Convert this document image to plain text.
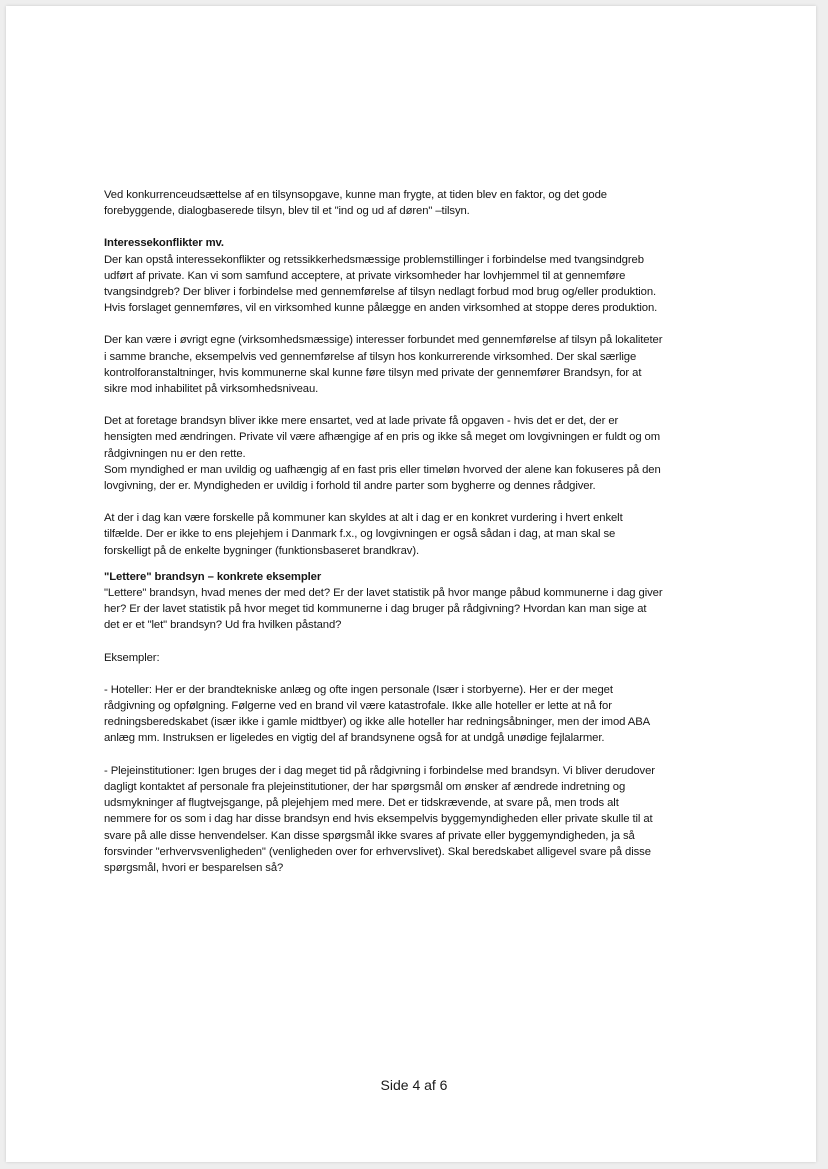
Ved konkurrenceudsættelse af en tilsynsopgave, kunne man frygte, at tiden blev en faktor, og det gode forebyggende, dialogbaserede tilsyn, blev til et "ind og ud af døren" –tilsyn.

Interessekonflikter mv.

Der kan opstå interessekonflikter og retssikkerhedsmæssige problemstillinger i forbindelse med tvangsindgreb udført af private. Kan vi som samfund acceptere, at private virksomheder har lovhjemmel til at gennemføre tvangsindgreb? Der bliver i forbindelse med gennemførelse af tilsyn nedlagt forbud mod brug og/eller produktion. Hvis forslaget gennemføres, vil en virksomhed kunne pålægge en anden virksomhed at stoppe deres produktion.

Der kan være i øvrigt egne (virksomhedsmæssige) interesser forbundet med gennemførelse af tilsyn på lokaliteter i samme branche, eksempelvis ved gennemførelse af tilsyn hos konkurrerende virksomhed. Der skal særlige kontrolforanstaltninger, hvis kommunerne skal kunne føre tilsyn med private der gennemfører Brandsyn, for at sikre mod inhabilitet på virksomhedsniveau.

Det at foretage brandsyn bliver ikke mere ensartet, ved at lade private få opgaven - hvis det er det, der er hensigten med ændringen. Private vil være afhængige af en pris og ikke så meget om lovgivningen er fuldt og om rådgivningen nu er den rette.

Som myndighed er man uvildig og uafhængig af en fast pris eller timeløn hvorved der alene kan fokuseres på den lovgivning, der er. Myndigheden er uvildig i forhold til andre parter som bygherre og dennes rådgiver.

At der i dag kan være forskelle på kommuner kan skyldes at alt i dag er en konkret vurdering i hvert enkelt tilfælde. Der er ikke to ens plejehjem i Danmark f.x., og lovgivningen er også sådan i dag, at man skal se forskelligt på de enkelte bygninger (funktionsbaseret brandkrav).

"Lettere" brandsyn – konkrete eksempler

"Lettere" brandsyn, hvad menes der med det? Er der lavet statistik på hvor mange påbud kommunerne i dag giver her? Er der lavet statistik på hvor meget tid kommunerne i dag bruger på rådgivning? Hvordan kan man sige at det er et "let" brandsyn? Ud fra hvilken påstand?

Eksempler:

- Hoteller: Her er der brandtekniske anlæg og ofte ingen personale (Især i storbyerne). Her er der meget rådgivning og opfølgning. Følgerne ved en brand vil være katastrofale. Ikke alle hoteller er lette at nå for redningsberedskabet (især ikke i gamle midtbyer) og ikke alle hoteller har redningsåbninger, men der imod ABA anlæg mm. Instruksen er ligeledes en vigtig del af brandsynene også for at undgå unødige fejlalarmer.

- Plejeinstitutioner: Igen bruges der i dag meget tid på rådgivning i forbindelse med brandsyn. Vi bliver derudover dagligt kontaktet af personale fra plejeinstitutioner, der har spørgsmål om ønsker af ændrede indretning og udsmykninger af flugtvejsgange, på plejehjem med mere. Det er tidskrævende, at svare på, men trods alt nemmere for os som i dag har disse brandsyn end hvis eksempelvis byggemyndigheden eller private skulle til at svare på alle disse henvendelser. Kan disse spørgsmål ikke svares af private eller byggemyndigheden, ja så forsvinder "erhvervsvenligheden" (venligheden over for erhvervslivet). Skal beredskabet alligevel svare på disse spørgsmål, hvori er besparelsen så?

Side 4 af 6
